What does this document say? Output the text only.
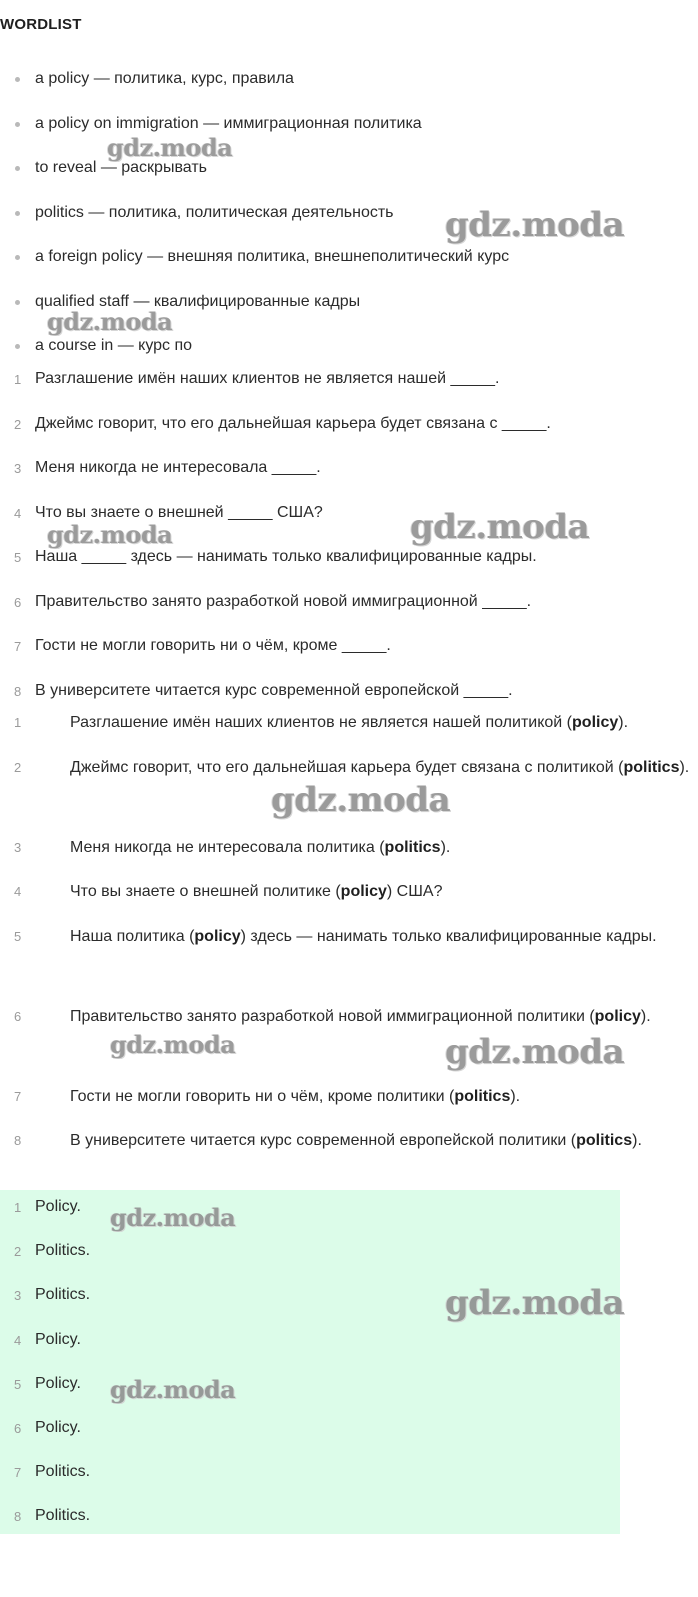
WORDLIST
a policy — политика, курс, правила
a policy on immigration — иммиграционная политика
to reveal — раскрывать
politics — политика, политическая деятельность
a foreign policy — внешняя политика, внешнеполитический курс
qualified staff — квалифицированные кадры
a course in — курс по
1 Разглашение имён наших клиентов не является нашей _____.
2 Джеймс говорит, что его дальнейшая карьера будет связана с _____.
3 Меня никогда не интересовала _____.
4 Что вы знаете о внешней _____ США?
5 Наша _____ здесь — нанимать только квалифицированные кадры.
6 Правительство занято разработкой новой иммиграционной _____.
7 Гости не могли говорить ни о чём, кроме _____.
8 В университете читается курс современной европейской _____.
1	Разглашение имён наших клиентов не является нашей политикой (policy).
2	Джеймс говорит, что его дальнейшая карьера будет связана с политикой (politics).
3	Меня никогда не интересовала политика (politics).
4	Что вы знаете о внешней политике (policy) США?
5	Наша политика (policy) здесь — нанимать только квалифицированные кадры.
6	Правительство занято разработкой новой иммиграционной политики (policy).
7	Гости не могли говорить ни о чём, кроме политики (politics).
8	В университете читается курс современной европейской политики (politics).
1 Policy.
2 Politics.
3 Politics.
4 Policy.
5 Policy.
6 Policy.
7 Politics.
8 Politics.
gdz.moda
gdz.moda
gdz.moda
gdz.moda
gdz.moda
gdz.moda
gdz.moda	gdz.moda
gdz.moda
gdz.moda
gdz.moda
